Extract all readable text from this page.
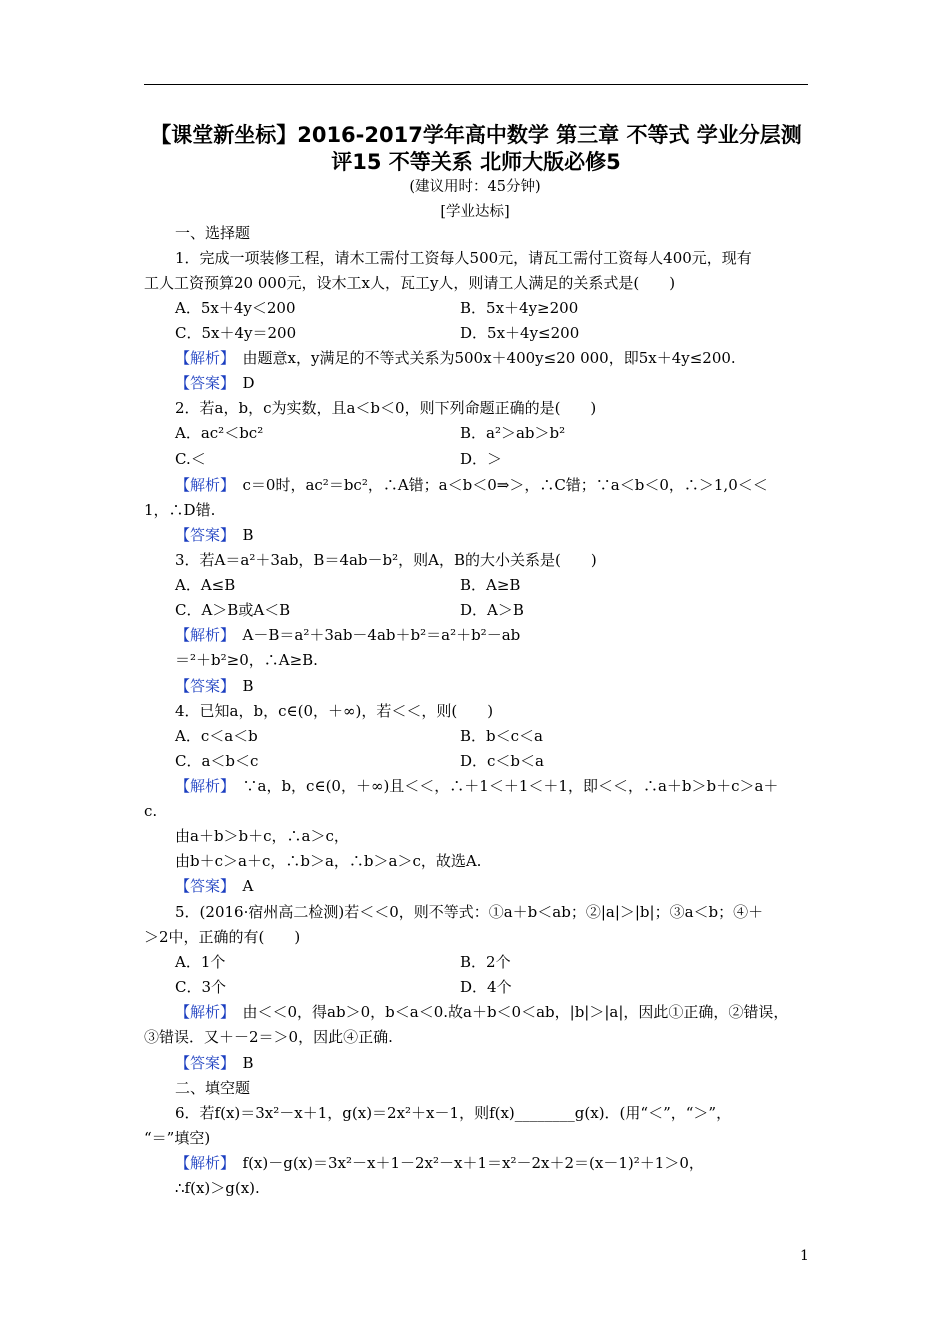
【课堂新坐标】2016-2017学年高中数学 第三章 不等式 学业分层测
评15 不等关系 北师大版必修5
(建议用时：45分钟)
[学业达标]
一、选择题
1．完成一项装修工程，请木工需付工资每人500元，请瓦工需付工资每人400元，现有
工人工资预算20 000元，设木工x人，瓦工y人，则请工人满足的关系式是(　　)
A．5x＋4y＜200	B．5x＋4y≥200
C．5x＋4y＝200	D．5x＋4y≤200
【解析】　由题意x，y满足的不等式关系为500x＋400y≤20 000，即5x＋4y≤200.
【答案】　D
2．若a，b，c为实数，且a＜b＜0，则下列命题正确的是(　　)
A．ac²＜bc²	B．a²＞ab＞b²
C.＜	D．＞
【解析】　c＝0时，ac²＝bc²，∴A错；a＜b＜0⇒＞，∴C错；∵a＜b＜0，∴＞1,0＜＜
1，∴D错.
【答案】　B
3．若A＝a²＋3ab，B＝4ab－b²，则A，B的大小关系是(　　)
A．A≤B	B．A≥B
C．A＞B或A＜B	D．A＞B
【解析】　A－B＝a²＋3ab－4ab＋b²＝a²＋b²－ab
＝²＋b²≥0，∴A≥B.
【答案】　B
4．已知a，b，c∈(0，＋∞)，若＜＜，则(　　)
A．c＜a＜b	B．b＜c＜a
C．a＜b＜c	D．c＜b＜a
【解析】　∵a，b，c∈(0，＋∞)且＜＜，∴＋1＜＋1＜＋1，即＜＜，∴a＋b＞b＋c＞a＋
c.
由a＋b＞b＋c，∴a＞c，
由b＋c＞a＋c，∴b＞a，∴b＞a＞c，故选A.
【答案】　A
5．(2016·宿州高二检测)若＜＜0，则不等式：①a＋b＜ab；②|a|＞|b|；③a＜b；④＋
＞2中，正确的有(　　)
A．1个	B．2个
C．3个	D．4个
【解析】　由＜＜0，得ab＞0，b＜a＜0.故a＋b＜0＜ab，|b|＞|a|，因此①正确，②错误，
③错误．又＋－2＝＞0，因此④正确.
【答案】　B
二、填空题
6．若f(x)＝3x²－x＋1，g(x)＝2x²＋x－1，则f(x)________g(x)．(用“＜”，“＞”，
“＝”填空)
【解析】　f(x)－g(x)＝3x²－x＋1－2x²－x＋1＝x²－2x＋2＝(x－1)²＋1＞0，
∴f(x)＞g(x).
1
